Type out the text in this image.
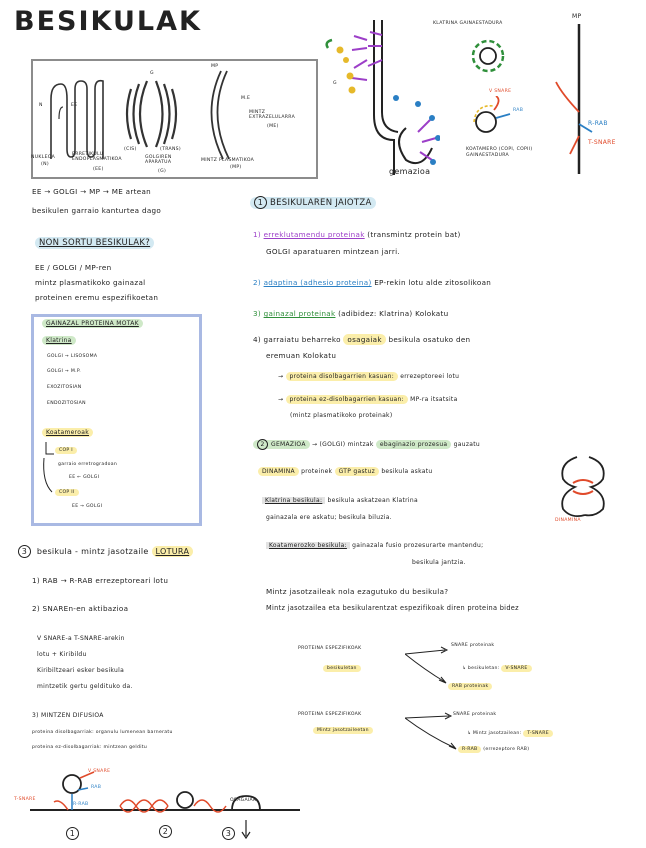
BESIKULAK
N	EE
(CIS)	(TRANS)
G
MP
M.E
MINTZ EXTRAZELULARRA
(ME)
NUKLEOA
(N)
ERRETIKULU ENDOPLASMATIKOA
(EE)
GOLGIREN APARATUA
(G)
MINTZ PLASMATIKOA
(MP)
G
gemazioa
KLATRINA GAINAESTADURA
V SNARE
RAB
KOATAMERO (COPI, COPII) GAINAESTADURA
MP
R-RAB
T-SNARE
EE → GOLGI → MP → ME artean
besikulen garraio kanturtea dago
NON SORTU BESIKULAK?
EE / GOLGI / MP-ren
mintz plasmatikoko gainazal
proteinen eremu espezifikoetan
GAINAZAL PROTEINA MOTAK
Klatrina
GOLGI → LISOSOMA
GOLGI → M.P.
EXOZITOSIAN
ENDOZITOSIAN
Koatameroak
COP I
garraio erretrogradoan
EE ← GOLGI
COP II
EE → GOLGI
3 besikula - mintz jasotzaile LOTURA
1) RAB → R-RAB errezeptoreari lotu
2) SNAREn-en aktibazioa
V SNARE-a T-SNARE-arekin
lotu + Kiribildu
Kiribiltzeari esker besikula
mintzetik gertu geldituko da.
3) MINTZEN DIFUSIOA
proteina disolbagarriak: organulu lumenean barneratu
proteina ez-disolbagarriak: mintzean gelditu
V SNARE
RAB
T-SNARE
R-RAB
OSAGAIAK
1	2	3
1 BESIKULAREN JAIOTZA
1) erreklutamendu proteinak (transmintz protein bat)
GOLGI aparatuaren mintzean jarri.
2) adaptina (adhesio proteina) EP-rekin lotu alde zitosolikoan
3) gainazal proteinak (adibidez: Klatrina) Kolokatu
4) garraiatu beharreko osagaiak besikula osatuko den
eremuan Kolokatu
→ proteina disolbagarrien kasuan: errezeptoreei lotu
→ proteina ez-disolbagarrien kasuan: MP-ra itsatsita
(mintz plasmatikoko proteinak)
2 GEMAZIOA → (GOLGI) mintzak ebaginazio prozesua gauzatu
DINAMINA proteinek GTP gastuz besikula askatu
Klatrina besikula: besikula askatzean Klatrina
gainazala ere askatu; besikula biluzia.	DINAMINA
Koatamerozko besikula: gainazala fusio prozesurarte mantendu;
besikula jantzia.
Mintz jasotzaileak nola ezagutuko du besikula?
Mintz jasotzailea eta besikularentzat espezifikoak diren proteina bidez
PROTEINA ESPEZIFIKOAK
besikuletan
SNARE proteinak
↳ besikuletan: V-SNARE
RAB proteinak
PROTEINA ESPEZIFIKOAK
Mintz jasotzaileetan
SNARE proteinak
↳ Mintz jasotzailean: T-SNARE
R-RAB (errezeptore RAB)
